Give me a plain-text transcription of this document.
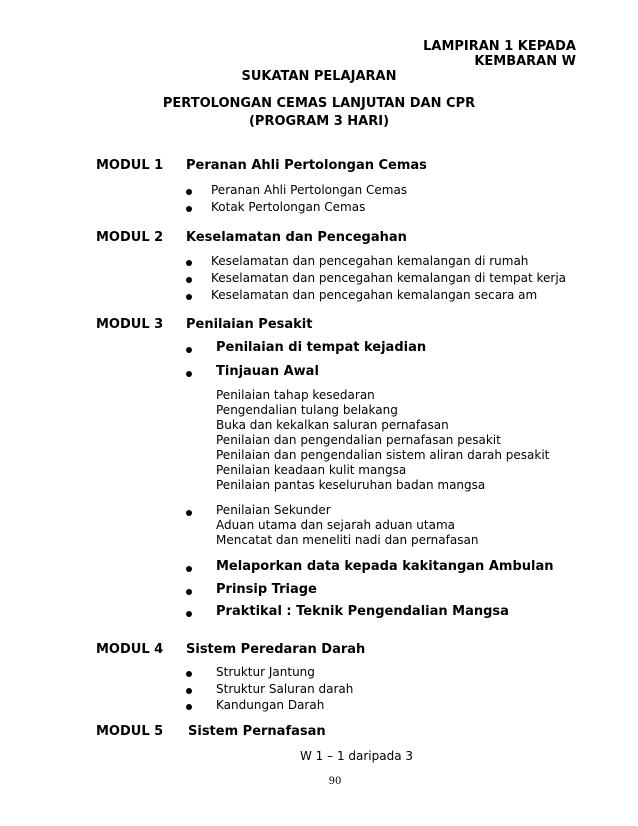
LAMPIRAN 1 KEPADA
KEMBARAN W
SUKATAN PELAJARAN
PERTOLONGAN CEMAS LANJUTAN DAN CPR
(PROGRAM 3 HARI)
MODUL 1 Peranan Ahli Pertolongan Cemas
Peranan Ahli Pertolongan Cemas
Kotak Pertolongan Cemas
MODUL 2 Keselamatan dan Pencegahan
Keselamatan dan pencegahan kemalangan di rumah
Keselamatan dan pencegahan kemalangan di tempat kerja
Keselamatan dan pencegahan kemalangan secara am
MODUL 3 Penilaian Pesakit
Penilaian di tempat kejadian
Tinjauan Awal
Penilaian tahap kesedaran
Pengendalian tulang belakang
Buka dan kekalkan saluran pernafasan
Penilaian dan pengendalian pernafasan pesakit
Penilaian dan pengendalian sistem aliran darah pesakit
Penilaian keadaan kulit mangsa
Penilaian pantas keseluruhan badan mangsa
Penilaian Sekunder
Aduan utama dan sejarah aduan utama
Mencatat dan meneliti nadi dan pernafasan
Melaporkan data kepada kakitangan Ambulan
Prinsip Triage
Praktikal : Teknik Pengendalian Mangsa
MODUL 4 Sistem Peredaran Darah
Struktur Jantung
Struktur Saluran darah
Kandungan Darah
MODUL 5 Sistem Pernafasan
W 1 – 1 daripada 3
90
